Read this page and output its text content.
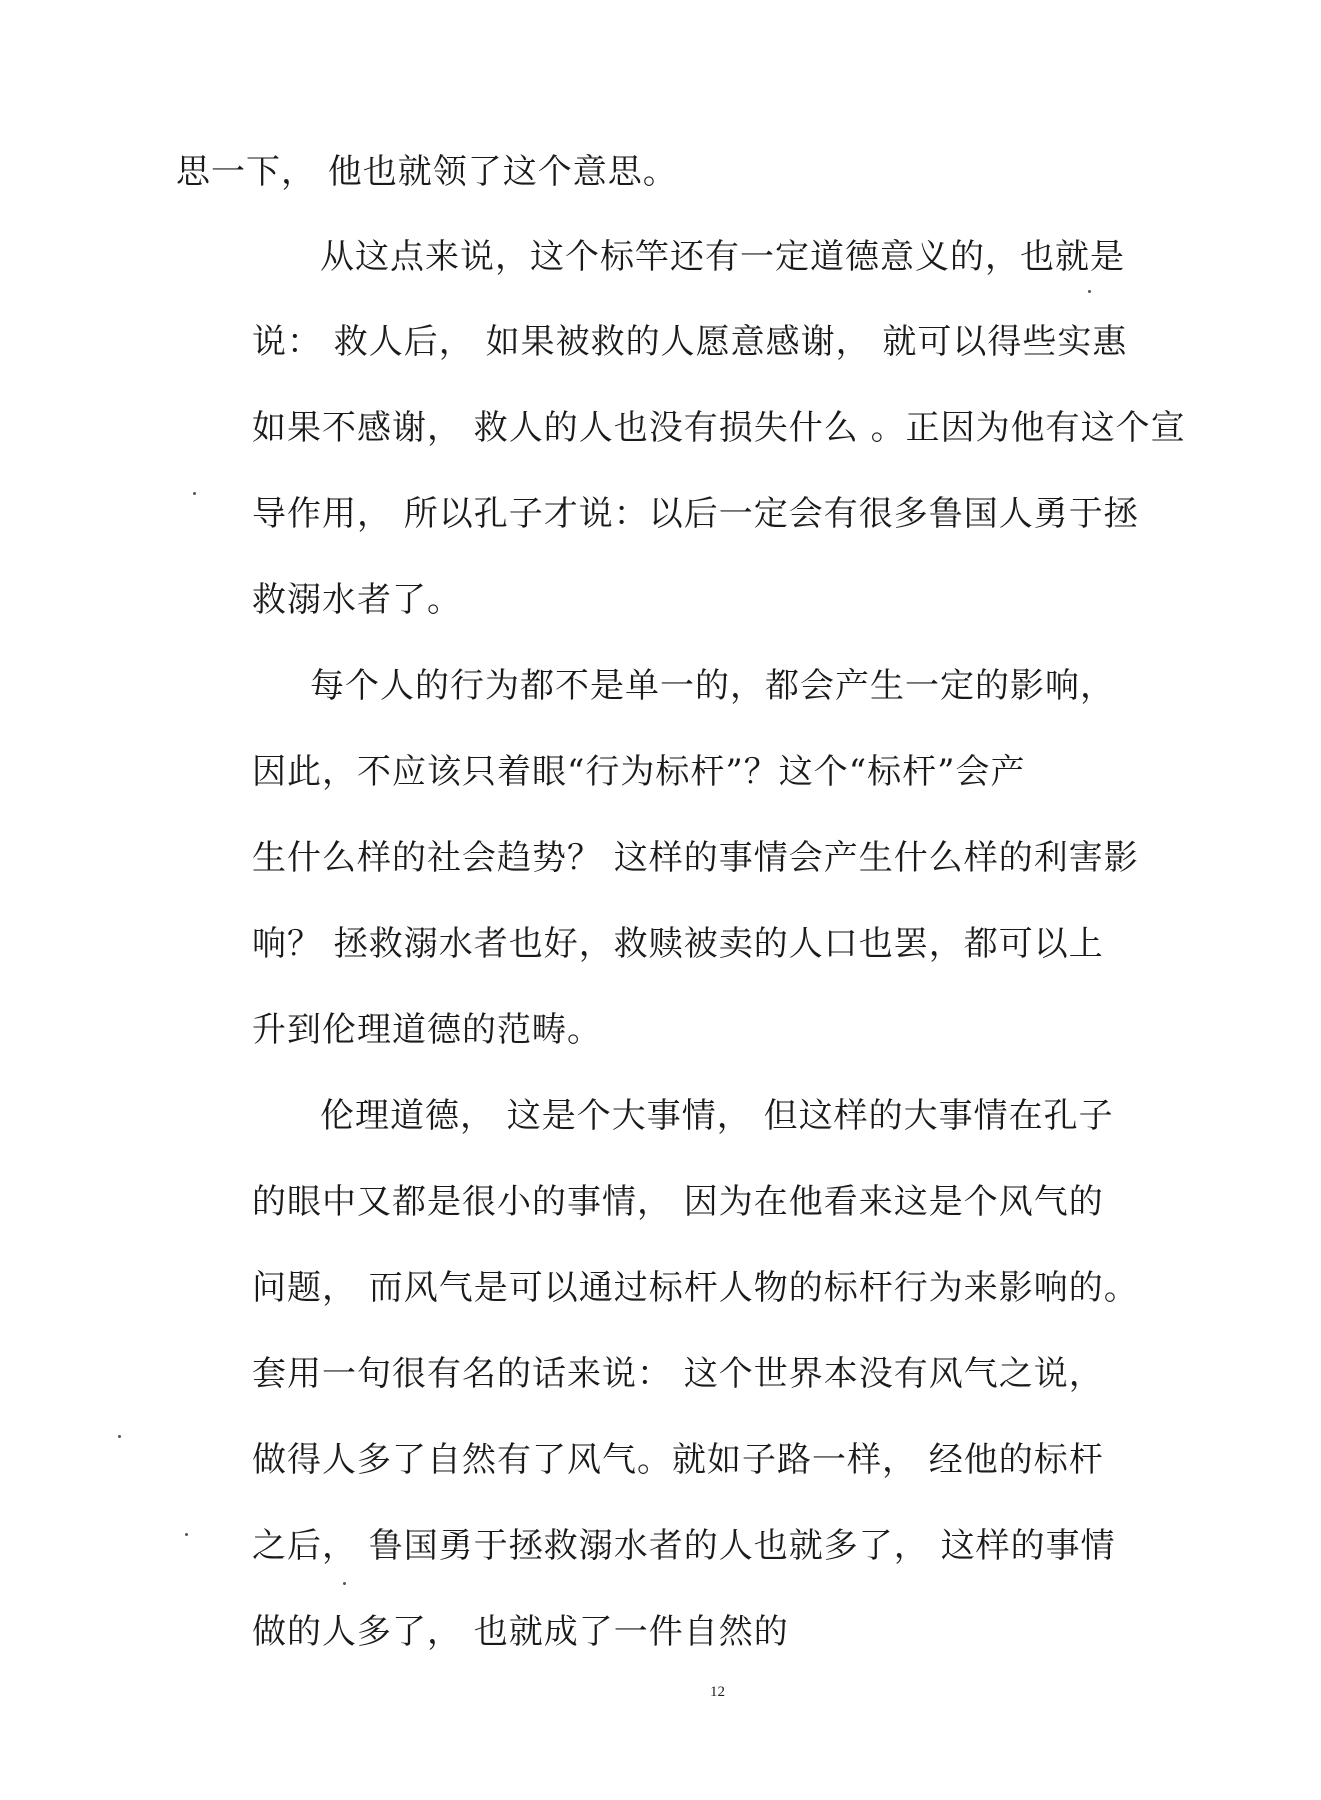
思一下， 他也就领了这个意思。
从这点来说，这个标竿还有一定道德意义的，也就是
说： 救人后， 如果被救的人愿意感谢， 就可以得些实惠
如果不感谢， 救人的人也没有损失什么 。正因为他有这个宣
导作用， 所以孔子才说：以后一定会有很多鲁国人勇于拯
救溺水者了。
每个人的行为都不是单一的，都会产生一定的影响，
因此，不应该只着眼“行为标杆”？这个“标杆”会产
生什么样的社会趋势？ 这样的事情会产生什么样的利害影
响？ 拯救溺水者也好，救赎被卖的人口也罢，都可以上
升到伦理道德的范畴。
伦理道德， 这是个大事情， 但这样的大事情在孔子
的眼中又都是很小的事情， 因为在他看来这是个风气的
问题， 而风气是可以通过标杆人物的标杆行为来影响的。
套用一句很有名的话来说： 这个世界本没有风气之说，
做得人多了自然有了风气。就如子路一样， 经他的标杆
之后， 鲁国勇于拯救溺水者的人也就多了， 这样的事情
做的人多了， 也就成了一件自然的
12
